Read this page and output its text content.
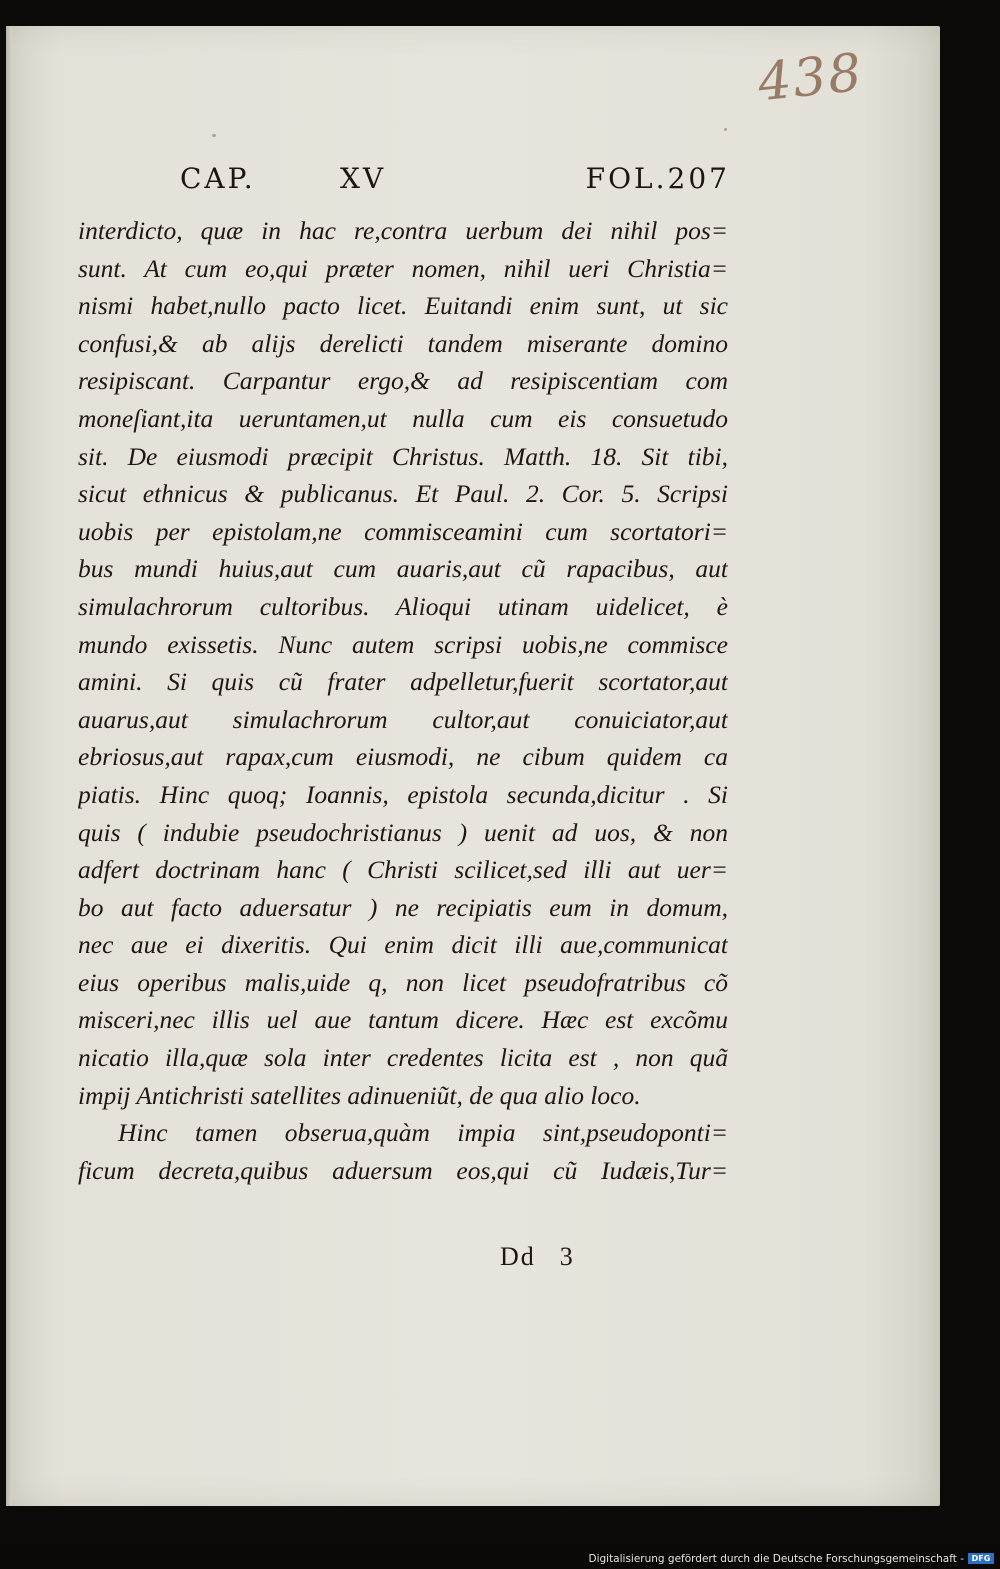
438
CAP.	XV	FOL.207
interdicto, quæ in hac re,contra uerbum dei nihil pos=
sunt. At cum eo,qui præter nomen, nihil ueri Christia=
nismi habet,nullo pacto licet. Euitandi enim sunt, ut sic
confusi,& ab alijs derelicti tandem miserante domino
resipiscant. Carpantur ergo,& ad resipiscentiam com
moneſiant,ita ueruntamen,ut nulla cum eis consuetudo
sit. De eiusmodi præcipit Christus. Matth. 18. Sit tibi,
sicut ethnicus & publicanus. Et Paul. 2. Cor. 5. Scripsi
uobis per epistolam,ne commisceamini cum scortatori=
bus mundi huius,aut cum auaris,aut cũ rapacibus, aut
simulachrorum cultoribus. Alioqui utinam uidelicet, è
mundo exissetis. Nunc autem scripsi uobis,ne commisce
amini. Si quis cũ frater adpelletur,fuerit scortator,aut
auarus,aut simulachrorum cultor,aut conuiciator,aut
ebriosus,aut rapax,cum eiusmodi, ne cibum quidem ca
piatis. Hinc quoq; Ioannis, epistola secunda,dicitur . Si
quis ( indubie pseudochristianus ) uenit ad uos, & non
adfert doctrinam hanc ( Christi scilicet,sed illi aut uer=
bo aut facto aduersatur ) ne recipiatis eum in domum,
nec aue ei dixeritis. Qui enim dicit illi aue,communicat
eius operibus malis,uide q, non licet pseudofratribus cõ
misceri,nec illis uel aue tantum dicere. Hæc est excõmu
nicatio illa,quæ sola inter credentes licita est , non quã
impij Antichristi satellites adinueniũt, de qua alio loco.
Hinc tamen obserua,quàm impia sint,pseudoponti=
ficum decreta,quibus aduersum eos,qui cũ Iudæis,Tur=
Dd 3
Digitalisierung gefördert durch die Deutsche Forschungsgemeinschaft - DFG
